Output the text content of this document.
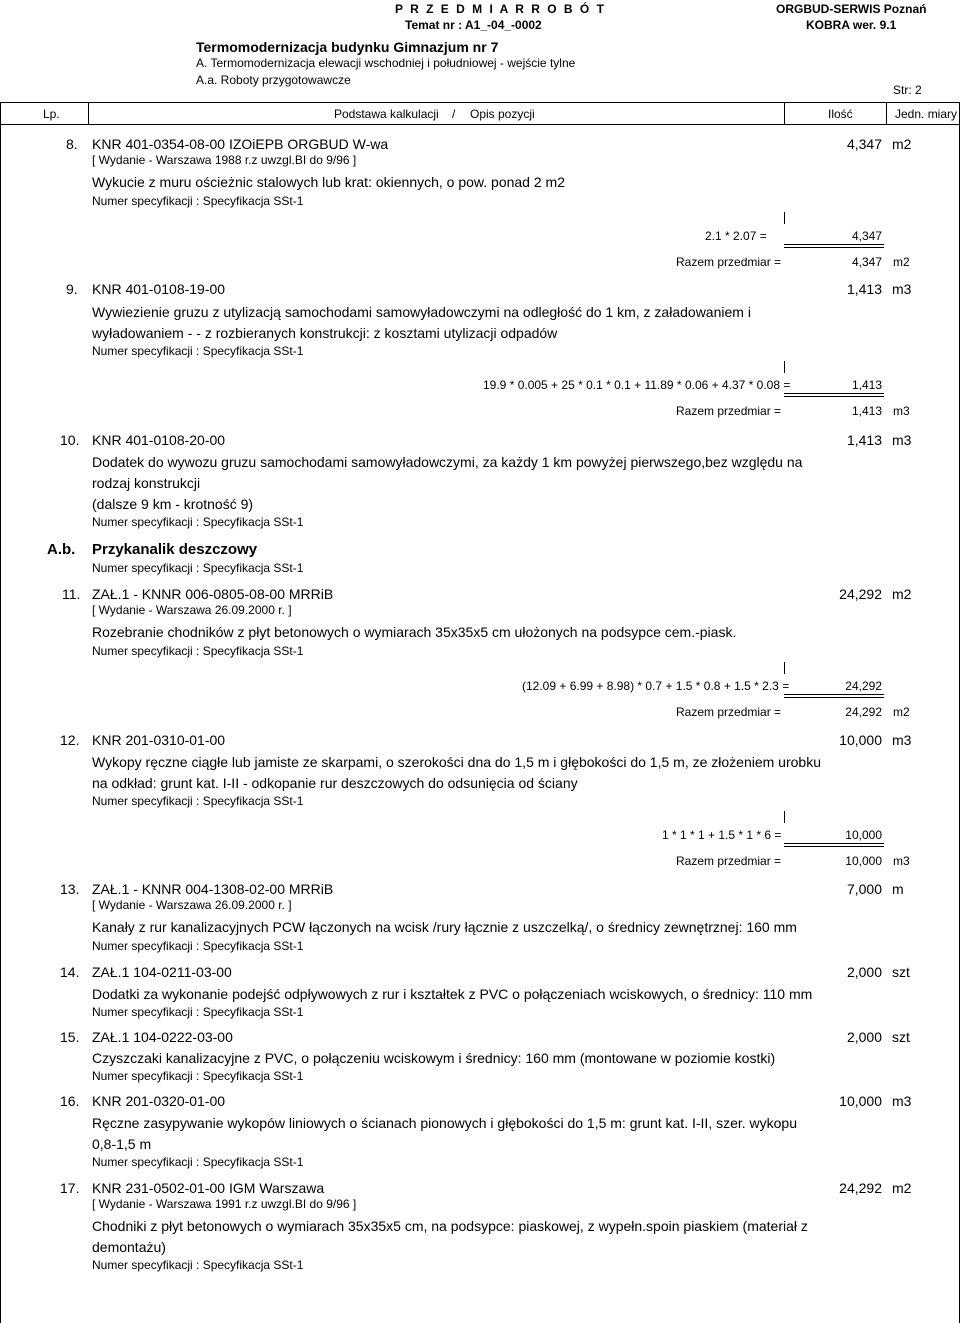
P R Z E D M I A R R O B Ó T
Temat nr : A1_-04_-0002
ORGBUD-SERWIS Poznań
KOBRA wer. 9.1
Termomodernizacja budynku Gimnazjum nr 7
A. Termomodernizacja elewacji wschodniej i południowej - wejście tylne
A.a. Roboty przygotowawcze
Str: 2
Lp.	Podstawa kalkulacji / Opis pozycji	Ilość	Jedn. miary
8. KNR 401-0354-08-00 IZOiEPB ORGBUD W-wa
[ Wydanie - Warszawa 1988 r.z uwzgl.BI do 9/96 ]
Wykucie z muru ościeżnic stalowych lub krat: okiennych, o pow. ponad 2 m2
Numer specyfikacji : Specyfikacja SSt-1
4,347 m2
2.1 * 2.07 =	4,347
Razem przedmiar =	4,347 m2
9. KNR 401-0108-19-00
Wywiezienie gruzu z utylizacją samochodami samowyładowczymi na odległość do 1 km, z załadowaniem i
wyładowaniem - - z rozbieranych konstrukcji: z kosztami utylizacji odpadów
Numer specyfikacji : Specyfikacja SSt-1
1,413 m3
19.9 * 0.005 + 25 * 0.1 * 0.1 + 11.89 * 0.06 + 4.37 * 0.08 =	1,413
Razem przedmiar =	1,413 m3
10. KNR 401-0108-20-00
Dodatek do wywozu gruzu samochodami samowyładowczymi, za każdy 1 km powyżej pierwszego,bez względu na
rodzaj konstrukcji
(dalsze 9 km - krotność 9)
Numer specyfikacji : Specyfikacja SSt-1
1,413 m3
A.b. Przykanalik deszczowy
Numer specyfikacji : Specyfikacja SSt-1
11. ZAŁ.1 - KNNR 006-0805-08-00 MRRiB
[ Wydanie - Warszawa 26.09.2000 r. ]
Rozebranie chodników z płyt betonowych o wymiarach 35x35x5 cm ułożonych na podsypce cem.-piask.
Numer specyfikacji : Specyfikacja SSt-1
24,292 m2
(12.09 + 6.99 + 8.98) * 0.7 + 1.5 * 0.8 + 1.5 * 2.3 =	24,292
Razem przedmiar =	24,292 m2
12. KNR 201-0310-01-00
Wykopy ręczne ciągłe lub jamiste ze skarpami, o szerokości dna do 1,5 m i głębokości do 1,5 m, ze złożeniem urobku
na odkład: grunt kat. I-II - odkopanie rur deszczowych do odsunięcia od ściany
Numer specyfikacji : Specyfikacja SSt-1
10,000 m3
1 * 1 * 1 + 1.5 * 1 * 6 =	10,000
Razem przedmiar =	10,000 m3
13. ZAŁ.1 - KNNR 004-1308-02-00 MRRiB
[ Wydanie - Warszawa 26.09.2000 r. ]
Kanały z rur kanalizacyjnych PCW łączonych na wcisk /rury łącznie z uszczelką/, o średnicy zewnętrznej: 160 mm
Numer specyfikacji : Specyfikacja SSt-1
7,000 m
14. ZAŁ.1 104-0211-03-00
Dodatki za wykonanie podejść odpływowych z rur i kształtek z PVC o połączeniach wciskowych, o średnicy: 110 mm
Numer specyfikacji : Specyfikacja SSt-1
2,000 szt
15. ZAŁ.1 104-0222-03-00
Czyszczaki kanalizacyjne z PVC, o połączeniu wciskowym i średnicy: 160 mm (montowane w poziomie kostki)
Numer specyfikacji : Specyfikacja SSt-1
2,000 szt
16. KNR 201-0320-01-00
Ręczne zasypywanie wykopów liniowych o ścianach pionowych i głębokości do 1,5 m: grunt kat. I-II, szer. wykopu
0,8-1,5 m
Numer specyfikacji : Specyfikacja SSt-1
10,000 m3
17. KNR 231-0502-01-00 IGM Warszawa
[ Wydanie - Warszawa 1991 r.z uwzgl.BI do 9/96 ]
Chodniki z płyt betonowych o wymiarach 35x35x5 cm, na podsypce: piaskowej, z wypełn.spoin piaskiem (materiał z
demontażu)
Numer specyfikacji : Specyfikacja SSt-1
24,292 m2
